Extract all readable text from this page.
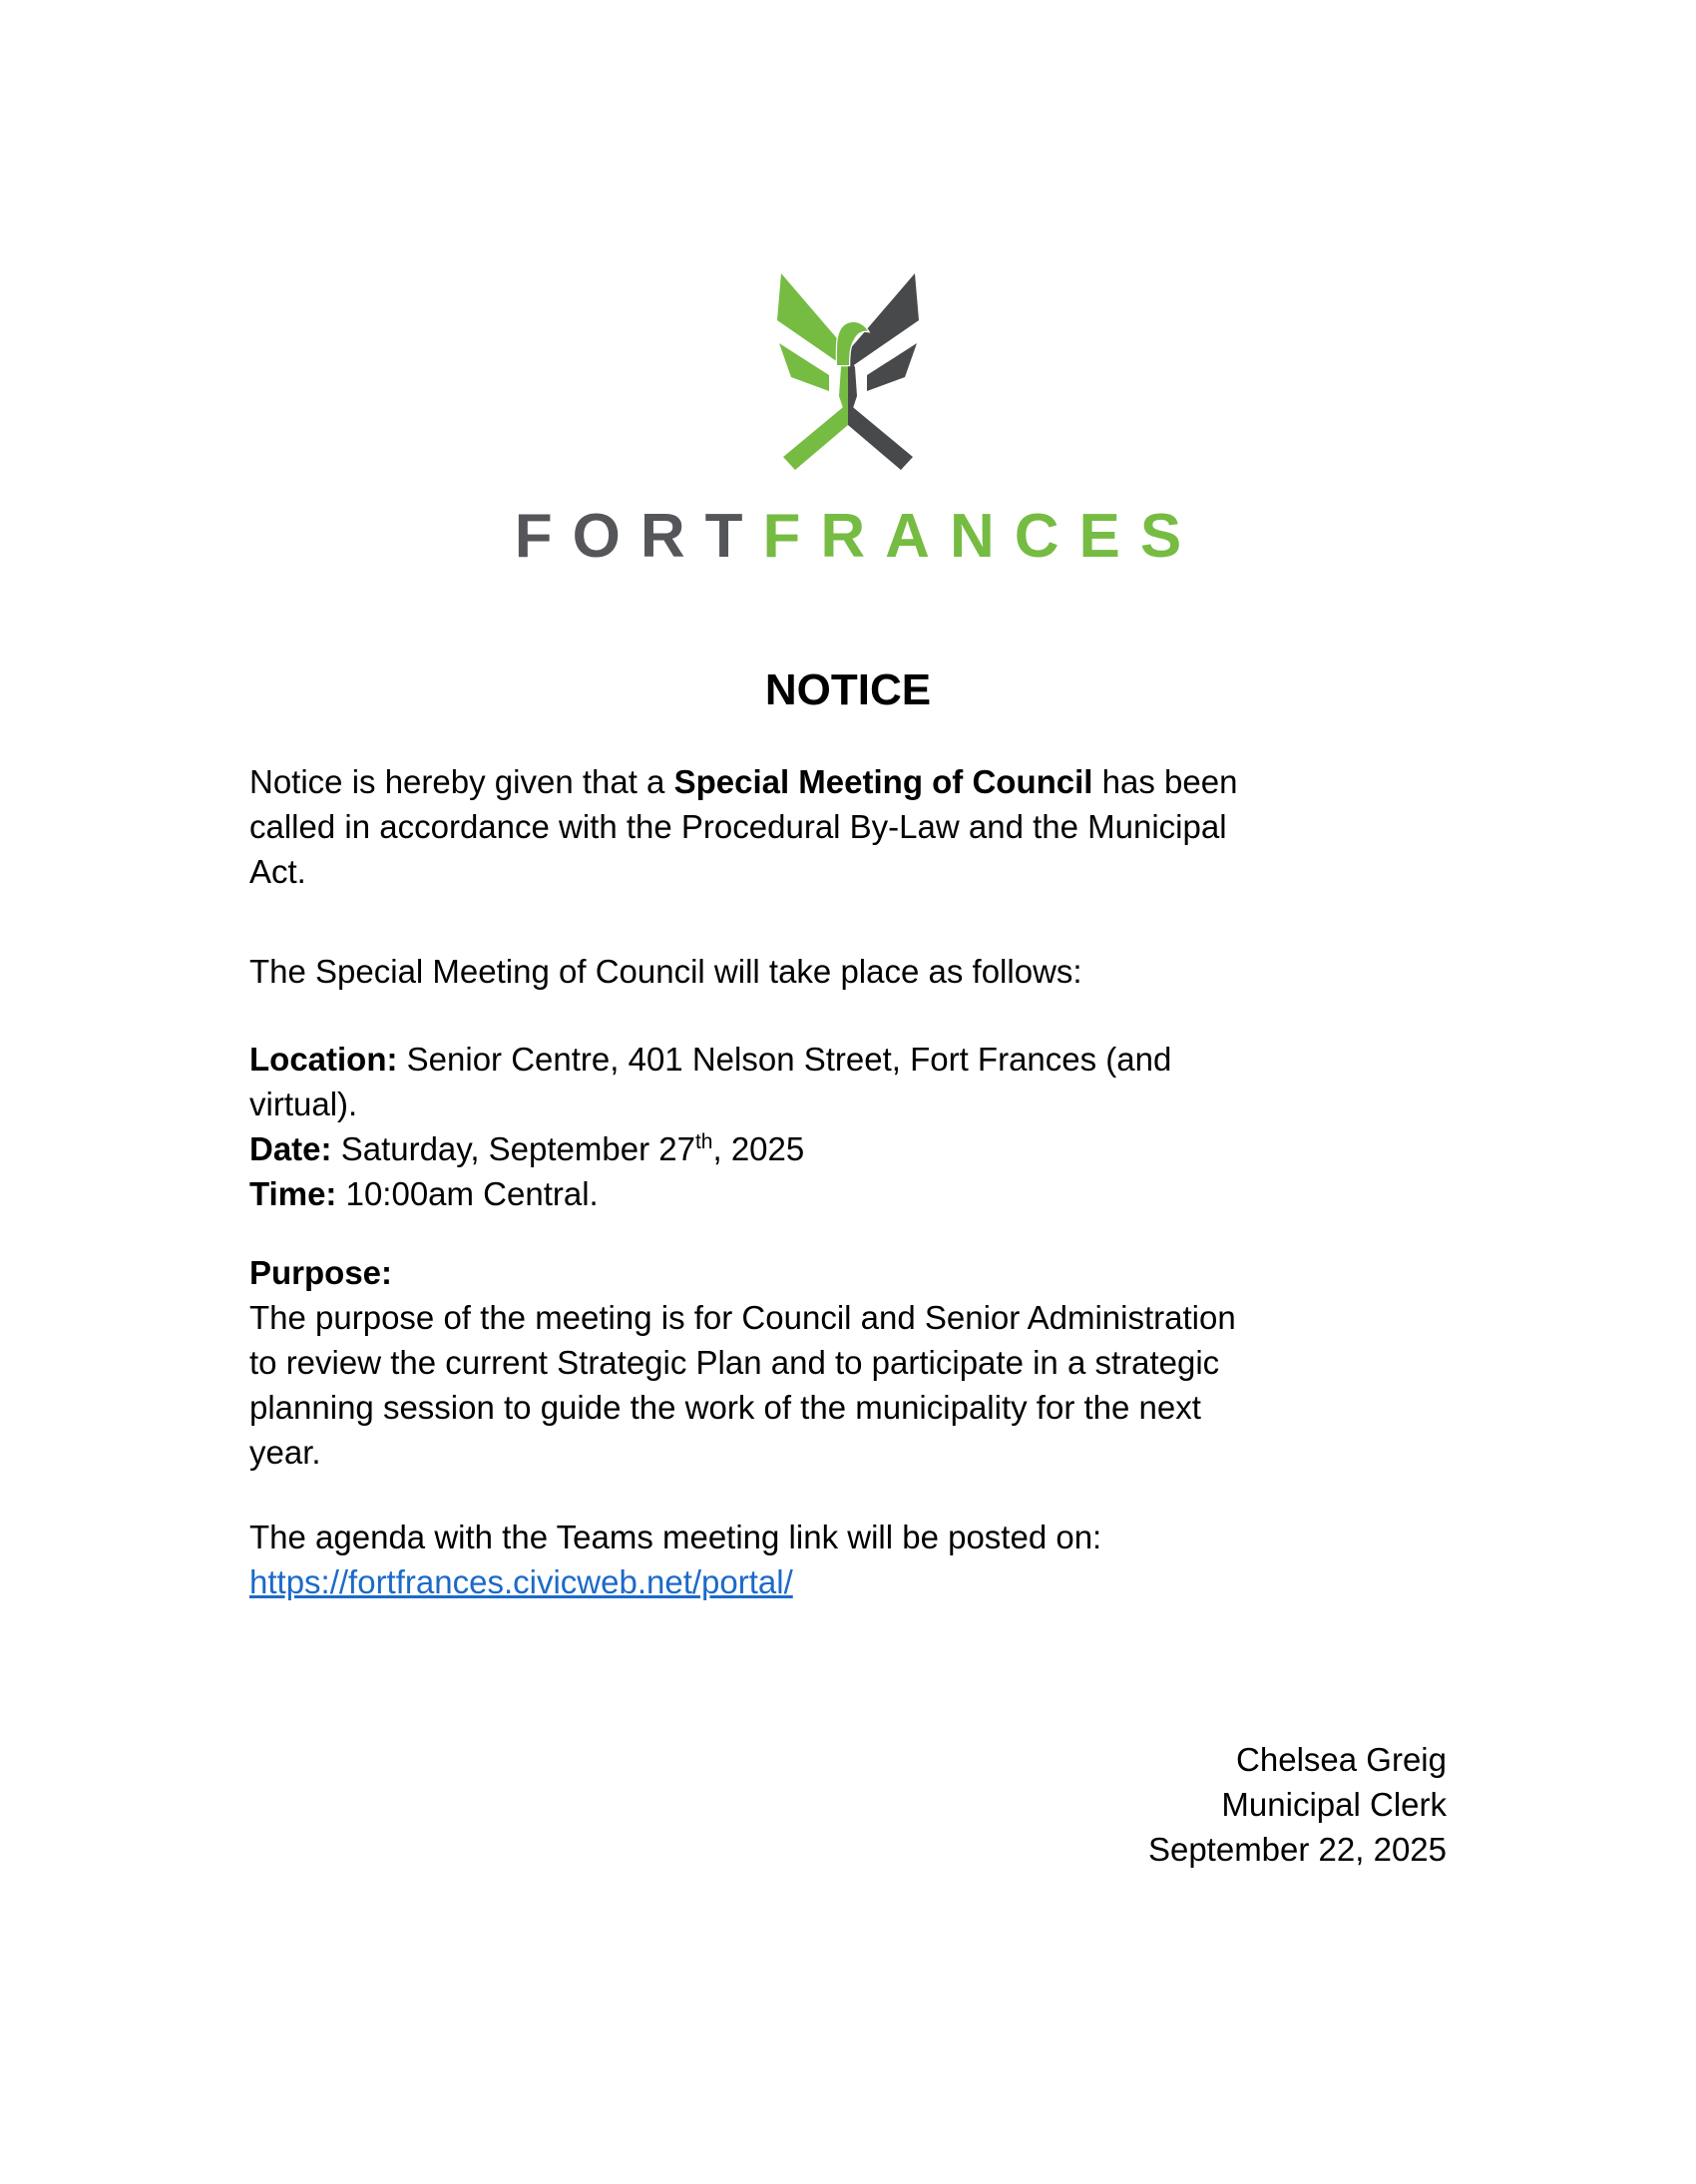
FORTFRANCES
NOTICE
Notice is hereby given that a Special Meeting of Council has been
called in accordance with the Procedural By-Law and the Municipal
Act.
The Special Meeting of Council will take place as follows:
Location: Senior Centre, 401 Nelson Street, Fort Frances (and
virtual).
Date: Saturday, September 27th, 2025
Time: 10:00am Central.
Purpose:
The purpose of the meeting is for Council and Senior Administration
to review the current Strategic Plan and to participate in a strategic
planning session to guide the work of the municipality for the next
year.
The agenda with the Teams meeting link will be posted on:
https://fortfrances.civicweb.net/portal/
Chelsea Greig
Municipal Clerk
September 22, 2025
